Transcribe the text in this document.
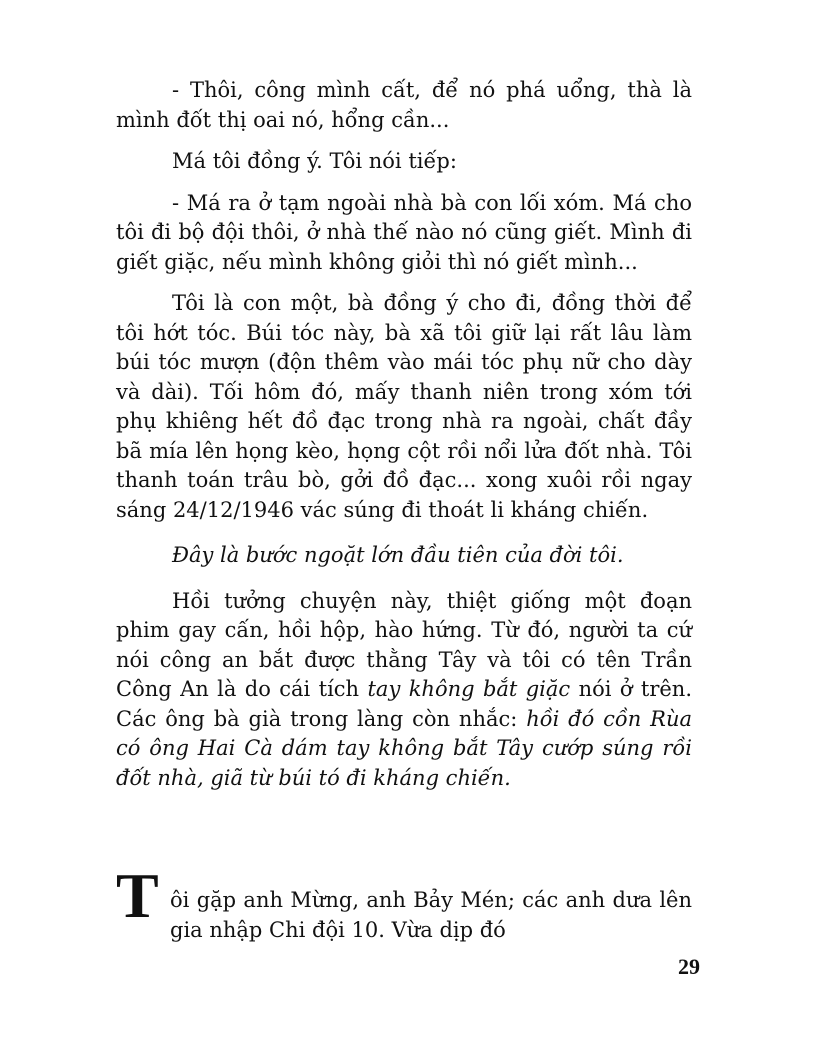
- Thôi, công mình cất, để nó phá uổng, thà là mình đốt thị oai nó, hổng cần...

Má tôi đồng ý. Tôi nói tiếp:

- Má ra ở tạm ngoài nhà bà con lối xóm. Má cho tôi đi bộ đội thôi, ở nhà thế nào nó cũng giết. Mình đi giết giặc, nếu mình không giỏi thì nó giết mình...

Tôi là con một, bà đồng ý cho đi, đồng thời để tôi hớt tóc. Búi tóc này, bà xã tôi giữ lại rất lâu làm búi tóc mượn (độn thêm vào mái tóc phụ nữ cho dày và dài). Tối hôm đó, mấy thanh niên trong xóm tới phụ khiêng hết đồ đạc trong nhà ra ngoài, chất đầy bã mía lên họng kèo, họng cột rồi nổi lửa đốt nhà. Tôi thanh toán trâu bò, gởi đồ đạc... xong xuôi rồi ngay sáng 24/12/1946 vác súng đi thoát li kháng chiến.

Đây là bước ngoặt lớn đầu tiên của đời tôi.

Hồi tưởng chuyện này, thiệt giống một đoạn phim gay cấn, hồi hộp, hào hứng. Từ đó, người ta cứ nói công an bắt được thằng Tây và tôi có tên Trần Công An là do cái tích tay không bắt giặc nói ở trên. Các ông bà già trong làng còn nhắc: hồi đó cồn Rùa có ông Hai Cà dám tay không bắt Tây cướp súng rồi đốt nhà, giã từ búi tó đi kháng chiến.

T ôi gặp anh Mừng, anh Bảy Mén; các anh dưa lên gia nhập Chi đội 10. Vừa dịp đó

29
